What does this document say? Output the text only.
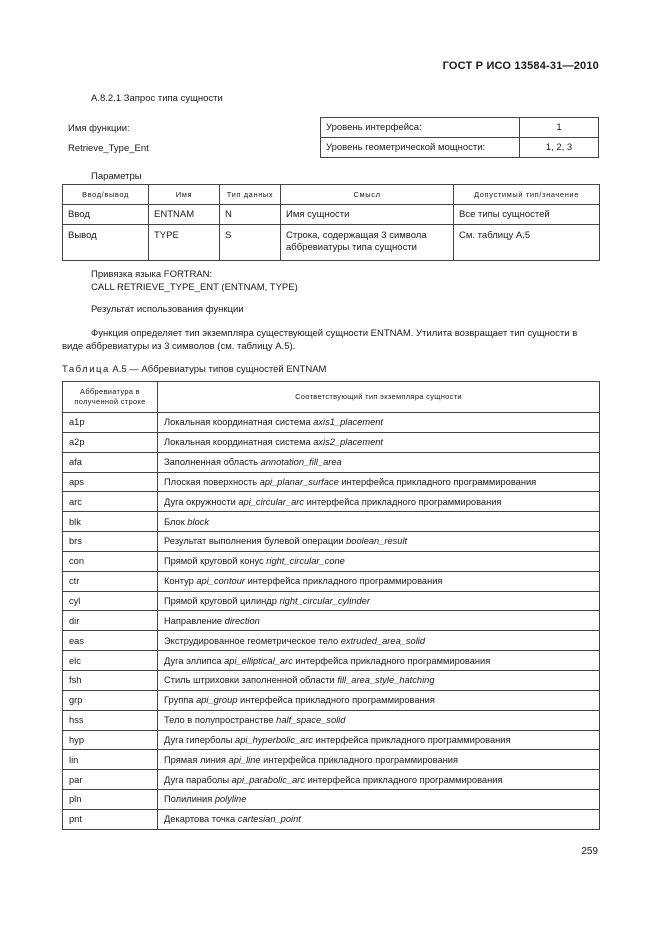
ГОСТ Р ИСО 13584-31—2010
А.8.2.1 Запрос типа сущности
Имя функции:
Retrieve_Type_Ent
Уровень интерфейса:	1
Уровень геометрической мощности:	1, 2, 3
Параметры
Ввод/вывод	Имя	Тип данных	Смысл	Допустимый тип/значение
Ввод	ENTNAM	N	Имя сущности	Все типы сущностей
Вывод	TYPE	S	Строка, содержащая 3 символа аббревиатуры типа сущности	См. таблицу А.5
Привязка языка FORTRAN:
CALL RETRIEVE_TYPE_ENT (ENTNAM, TYPE)
Результат использования функции
Функция определяет тип экземпляра существующей сущности ENTNAM. Утилита возвращает тип сущности в виде аббревиатуры из 3 символов (см. таблицу А.5).
Таблица А.5 — Аббревиатуры типов сущностей ENTNAM
Аббревиатура в
полученной строке	Соответствующий тип экземпляра сущности
a1p	Локальная координатная система axis1_placement
a2p	Локальная координатная система axis2_placement
afa	Заполненная область annotation_fill_area
aps	Плоская поверхность api_planar_surface интерфейса прикладного программирования
arc	Дуга окружности api_circular_arc интерфейса прикладного программирования
blk	Блок block
brs	Результат выполнения булевой операции boolean_result
con	Прямой круговой конус right_circular_cone
ctr	Контур api_contour интерфейса прикладного программирования
cyl	Прямой круговой цилиндр right_circular_cylinder
dir	Направление direction
eas	Экструдированное геометрическое тело extruded_area_solid
elc	Дуга эллипса api_elliptical_arc интерфейса прикладного программирования
fsh	Стиль штриховки заполненной области fill_area_style_hatching
grp	Группа api_group интерфейса прикладного программирования
hss	Тело в полупространстве half_space_solid
hyp	Дуга гиперболы api_hyperbolic_arc интерфейса прикладного программирования
lin	Прямая линия api_line интерфейса прикладного программирования
par	Дуга параболы api_parabolic_arc интерфейса прикладного программирования
pln	Полилиния polyline
pnt	Декартова точка cartesian_point
259
